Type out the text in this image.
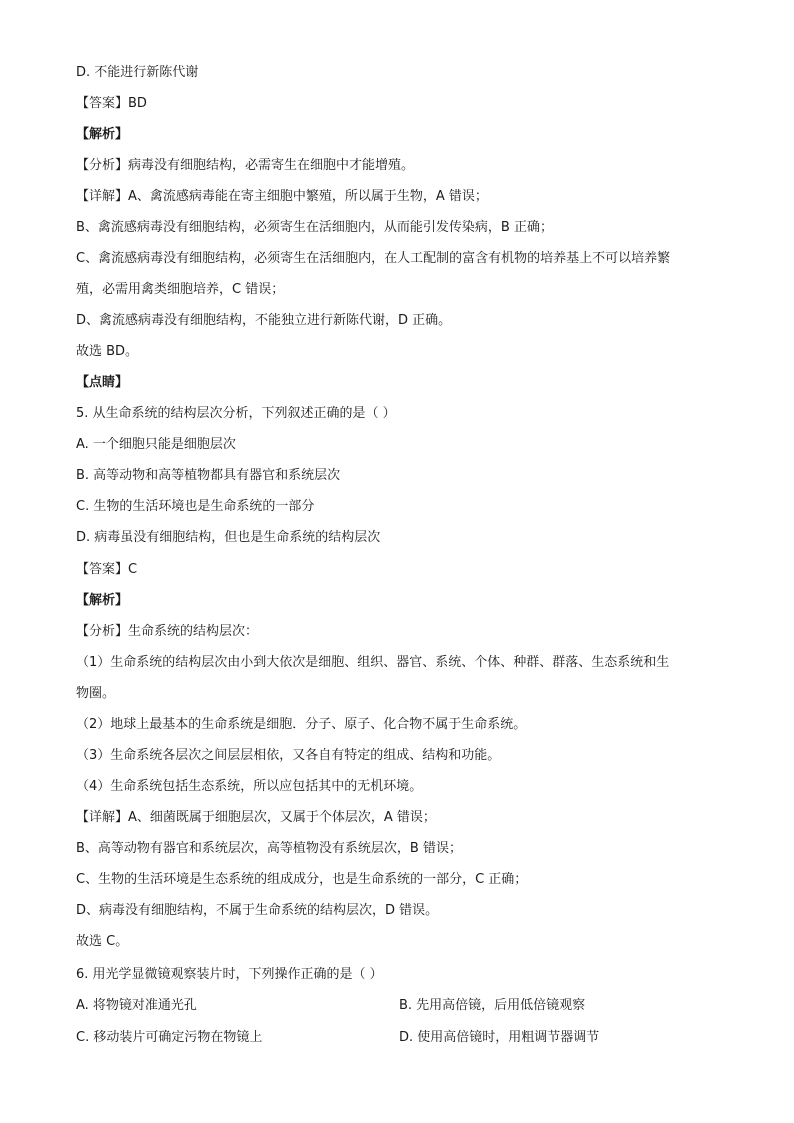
D. 不能进行新陈代谢
【答案】BD
【解析】
【分析】病毒没有细胞结构，必需寄生在细胞中才能增殖。
【详解】A、禽流感病毒能在寄主细胞中繁殖，所以属于生物，A 错误；
B、禽流感病毒没有细胞结构，必须寄生在活细胞内，从而能引发传染病，B 正确；
C、禽流感病毒没有细胞结构，必须寄生在活细胞内，在人工配制的富含有机物的培养基上不可以培养繁
殖，必需用禽类细胞培养，C 错误；
D、禽流感病毒没有细胞结构，不能独立进行新陈代谢，D 正确。
故选 BD。
【点睛】
5. 从生命系统的结构层次分析，下列叙述正确的是（ ）
A. 一个细胞只能是细胞层次
B. 高等动物和高等植物都具有器官和系统层次
C. 生物的生活环境也是生命系统的一部分
D. 病毒虽没有细胞结构，但也是生命系统的结构层次
【答案】C
【解析】
【分析】生命系统的结构层次：
（1）生命系统的结构层次由小到大依次是细胞、组织、器官、系统、个体、种群、群落、生态系统和生
物圈。
（2）地球上最基本的生命系统是细胞．分子、原子、化合物不属于生命系统。
（3）生命系统各层次之间层层相依，又各自有特定的组成、结构和功能。
（4）生命系统包括生态系统，所以应包括其中的无机环境。
【详解】A、细菌既属于细胞层次，又属于个体层次，A 错误；
B、高等动物有器官和系统层次，高等植物没有系统层次，B 错误；
C、生物的生活环境是生态系统的组成成分，也是生命系统的一部分，C 正确；
D、病毒没有细胞结构，不属于生命系统的结构层次，D 错误。
故选 C。
6. 用光学显微镜观察装片时，下列操作正确的是（ ）
A. 将物镜对准通光孔	B. 先用高倍镜，后用低倍镜观察
C. 移动装片可确定污物在物镜上	D. 使用高倍镜时，用粗调节器调节
